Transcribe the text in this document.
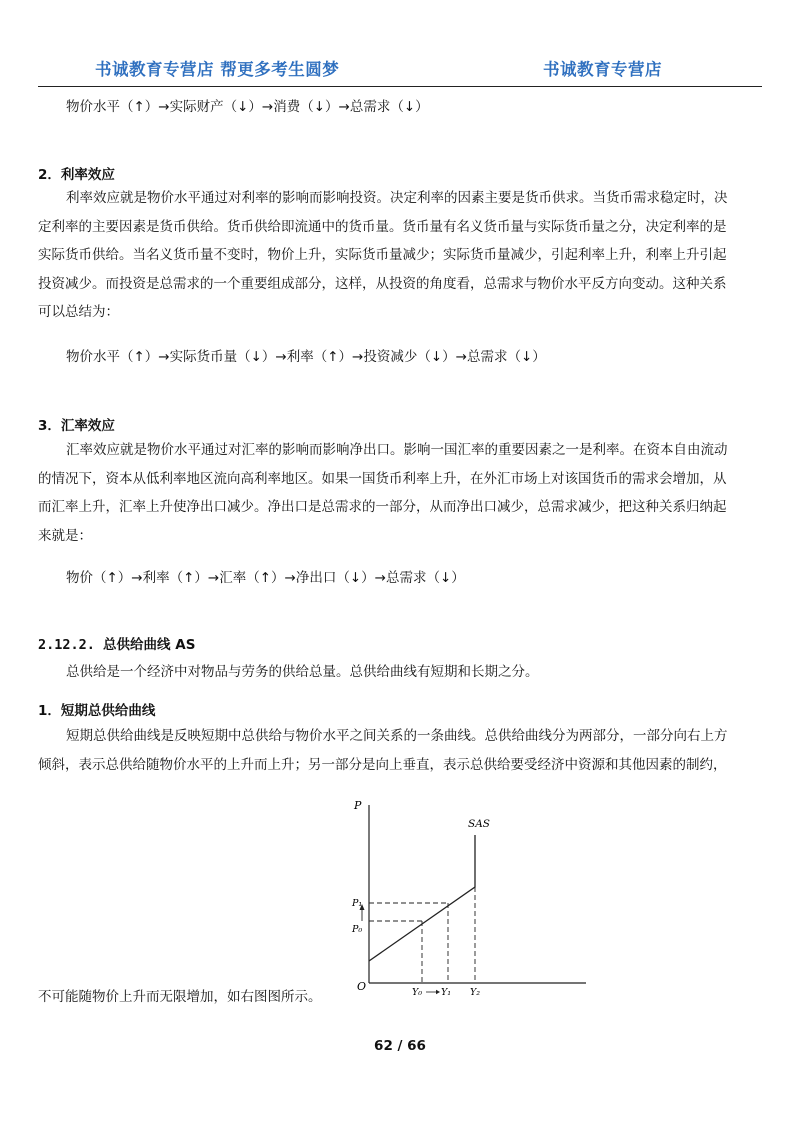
书诚教育专营店 帮更多考生圆梦	书诚教育专营店
物价水平（↑）→实际财产（↓）→消费（↓）→总需求（↓）
2．利率效应
利率效应就是物价水平通过对利率的影响而影响投资。决定利率的因素主要是货币供求。当货币需求稳定时，决
定利率的主要因素是货币供给。货币供给即流通中的货币量。货币量有名义货币量与实际货币量之分，决定利率的是
实际货币供给。当名义货币量不变时，物价上升，实际货币量减少；实际货币量减少，引起利率上升，利率上升引起
投资减少。而投资是总需求的一个重要组成部分，这样，从投资的角度看，总需求与物价水平反方向变动。这种关系
可以总结为：
物价水平（↑）→实际货币量（↓）→利率（↑）→投资减少（↓）→总需求（↓）
3．汇率效应
汇率效应就是物价水平通过对汇率的影响而影响净出口。影响一国汇率的重要因素之一是利率。在资本自由流动
的情况下，资本从低利率地区流向高利率地区。如果一国货币利率上升，在外汇市场上对该国货币的需求会增加，从
而汇率上升，汇率上升使净出口减少。净出口是总需求的一部分，从而净出口减少，总需求减少，把这种关系归纳起
来就是：
物价（↑）→利率（↑）→汇率（↑）→净出口（↓）→总需求（↓）
2.12.2. 总供给曲线 AS
总供给是一个经济中对物品与劳务的供给总量。总供给曲线有短期和长期之分。
1．短期总供给曲线
短期总供给曲线是反映短期中总供给与物价水平之间关系的一条曲线。总供给曲线分为两部分，一部分向右上方
倾斜，表示总供给随物价水平的上升而上升；另一部分是向上垂直，表示总供给要受经济中资源和其他因素的制约，
不可能随物价上升而无限增加，如右图图所示。
P
O
SAS
P₁
P₀
Y₀ Y₁ Y₂
62 / 66
